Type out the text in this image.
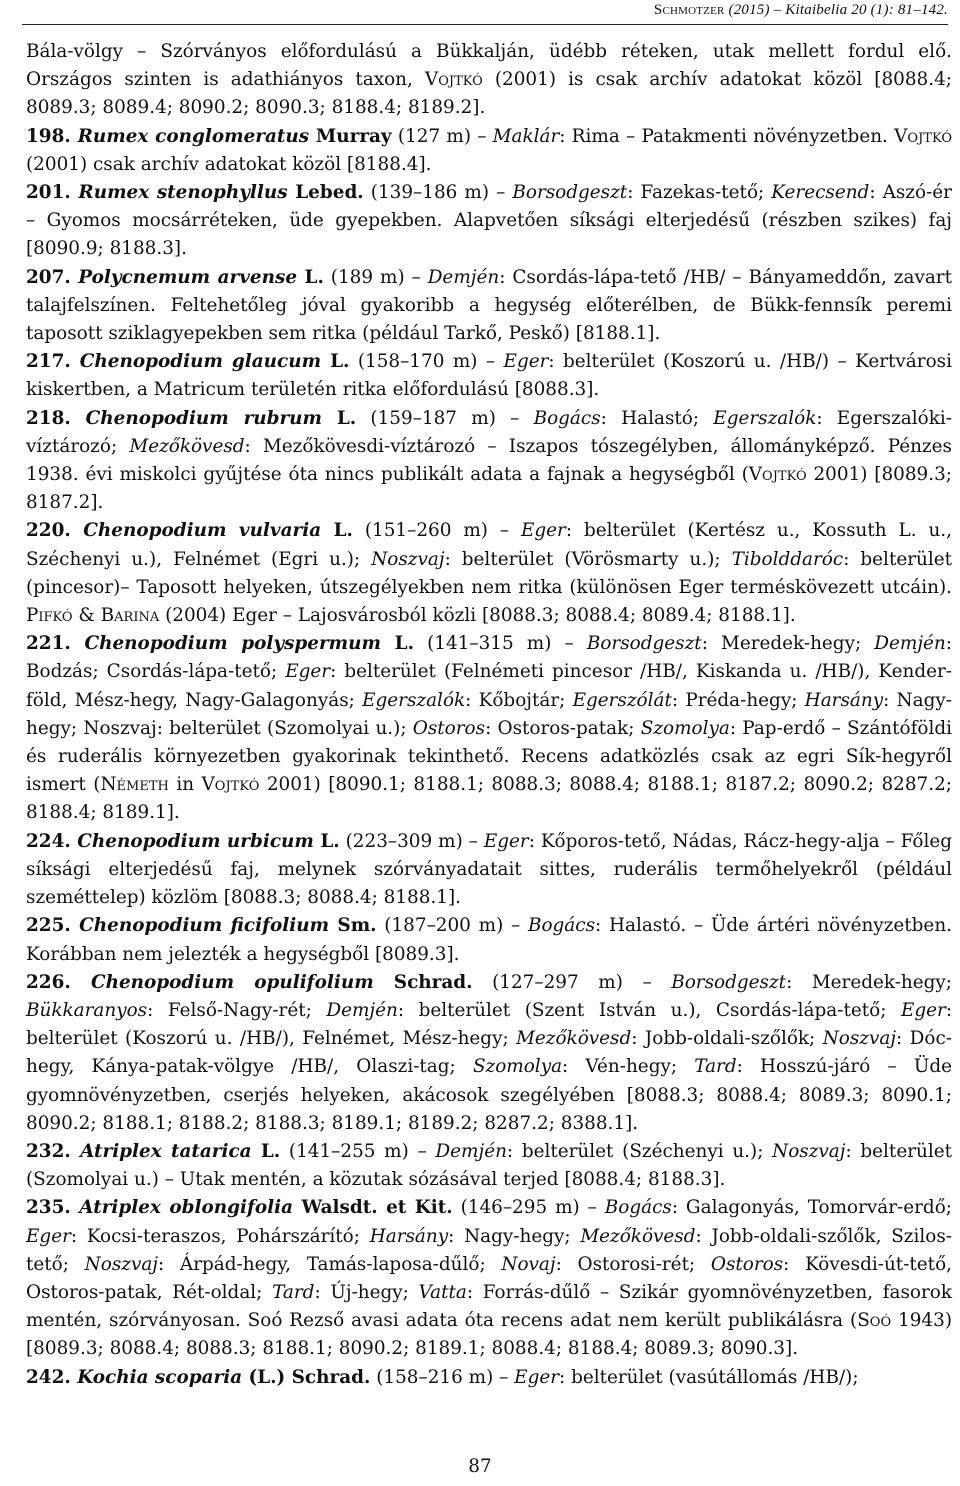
Schmotzer (2015) – Kitaibelia 20 (1): 81–142.

Bála-völgy – Szórványos előfordulású a Bükkalján, üdébb réteken, utak mellett fordul elő. Országos szinten is adathiányos taxon, Vojtkó (2001) is csak archív adatokat közöl [8088.4; 8089.3; 8089.4; 8090.2; 8090.3; 8188.4; 8189.2].

198. Rumex conglomeratus Murray (127 m) – Maklár: Rima – Patakmenti növényzetben. Vojtkó (2001) csak archív adatokat közöl [8188.4].

201. Rumex stenophyllus Lebed. (139–186 m) – Borsodgeszt: Fazekas-tető; Kerecsend: Aszó-ér – Gyomos mocsárréteken, üde gyepekben. Alapvetően síksági elterjedésű (részben szikes) faj [8090.9; 8188.3].

207. Polycnemum arvense L. (189 m) – Demjén: Csordás-lápa-tető /HB/ – Bányameddőn, zavart talajfelszínen. Feltehetőleg jóval gyakoribb a hegység előterélben, de Bükk-fennsík peremi taposott sziklagyepekben sem ritka (például Tarkő, Peskő) [8188.1].

217. Chenopodium glaucum L. (158–170 m) – Eger: belterület (Koszorú u. /HB/) – Kertvárosi kiskertben, a Matricum területén ritka előfordulású [8088.3].

218. Chenopodium rubrum L. (159–187 m) – Bogács: Halastó; Egerszalók: Egerszalóki-víztározó; Mezőkövesd: Mezőkövesdi-víztározó – Iszapos tószegélyben, állományképző. Pénzes 1938. évi miskolci gyűjtése óta nincs publikált adata a fajnak a hegységből (Vojtkó 2001) [8089.3; 8187.2].

220. Chenopodium vulvaria L. (151–260 m) – Eger: belterület (Kertész u., Kossuth L. u., Széchenyi u.), Felnémet (Egri u.); Noszvaj: belterület (Vörösmarty u.); Tibolddaróc: belterület (pincesor)– Taposott helyeken, útszegélyekben nem ritka (különösen Eger terméskövezett utcáin). Pifkó & Barina (2004) Eger – Lajosvárosból közli [8088.3; 8088.4; 8089.4; 8188.1].

221. Chenopodium polyspermum L. (141–315 m) – Borsodgeszt: Meredek-hegy; Demjén: Bodzás; Csordás-lápa-tető; Eger: belterület (Felnémeti pincesor /HB/, Kiskanda u. /HB/), Kender-föld, Mész-hegy, Nagy-Galagonyás; Egerszalók: Kőbojtár; Egerszólát: Préda-hegy; Harsány: Nagy-hegy; Noszvaj: belterület (Szomolyai u.); Ostoros: Ostoros-patak; Szomolya: Pap-erdő – Szántóföldi és ruderális környezetben gyakorinak tekinthető. Recens adatközlés csak az egri Sík-hegyről ismert (Németh in Vojtkó 2001) [8090.1; 8188.1; 8088.3; 8088.4; 8188.1; 8187.2; 8090.2; 8287.2; 8188.4; 8189.1].

224. Chenopodium urbicum L. (223–309 m) – Eger: Kőporos-tető, Nádas, Rácz-hegy-alja – Főleg síksági elterjedésű faj, melynek szórványadatait sittes, ruderális termőhelyekről (például szeméttelep) közlöm [8088.3; 8088.4; 8188.1].

225. Chenopodium ficifolium Sm. (187–200 m) – Bogács: Halastó. – Üde ártéri növényzetben. Korábban nem jelezték a hegységből [8089.3].

226. Chenopodium opulifolium Schrad. (127–297 m) – Borsodgeszt: Meredek-hegy; Bükkaranyos: Felső-Nagy-rét; Demjén: belterület (Szent István u.), Csordás-lápa-tető; Eger: belterület (Koszorú u. /HB/), Felnémet, Mész-hegy; Mezőkövesd: Jobb-oldali-szőlők; Noszvaj: Dóc-hegy, Kánya-patak-völgye /HB/, Olaszi-tag; Szomolya: Vén-hegy; Tard: Hosszú-járó – Üde gyomnövényzetben, cserjés helyeken, akácosok szegélyében [8088.3; 8088.4; 8089.3; 8090.1; 8090.2; 8188.1; 8188.2; 8188.3; 8189.1; 8189.2; 8287.2; 8388.1].

232. Atriplex tatarica L. (141–255 m) – Demjén: belterület (Széchenyi u.); Noszvaj: belterület (Szomolyai u.) – Utak mentén, a közutak sózásával terjed [8088.4; 8188.3].

235. Atriplex oblongifolia Walsdt. et Kit. (146–295 m) – Bogács: Galagonyás, Tomorvár-erdő; Eger: Kocsi-teraszos, Pohárszárító; Harsány: Nagy-hegy; Mezőkövesd: Jobb-oldali-szőlők, Szilos-tető; Noszvaj: Árpád-hegy, Tamás-laposa-dűlő; Novaj: Ostorosi-rét; Ostoros: Kövesdi-út-tető, Ostoros-patak, Rét-oldal; Tard: Új-hegy; Vatta: Forrás-dűlő – Szikár gyomnövényzetben, fasorok mentén, szórványosan. Soó Rezső avasi adata óta recens adat nem került publikálásra (Soó 1943) [8089.3; 8088.4; 8088.3; 8188.1; 8090.2; 8189.1; 8088.4; 8188.4; 8089.3; 8090.3].

242. Kochia scoparia (L.) Schrad. (158–216 m) – Eger: belterület (vasútállomás /HB/);

87
